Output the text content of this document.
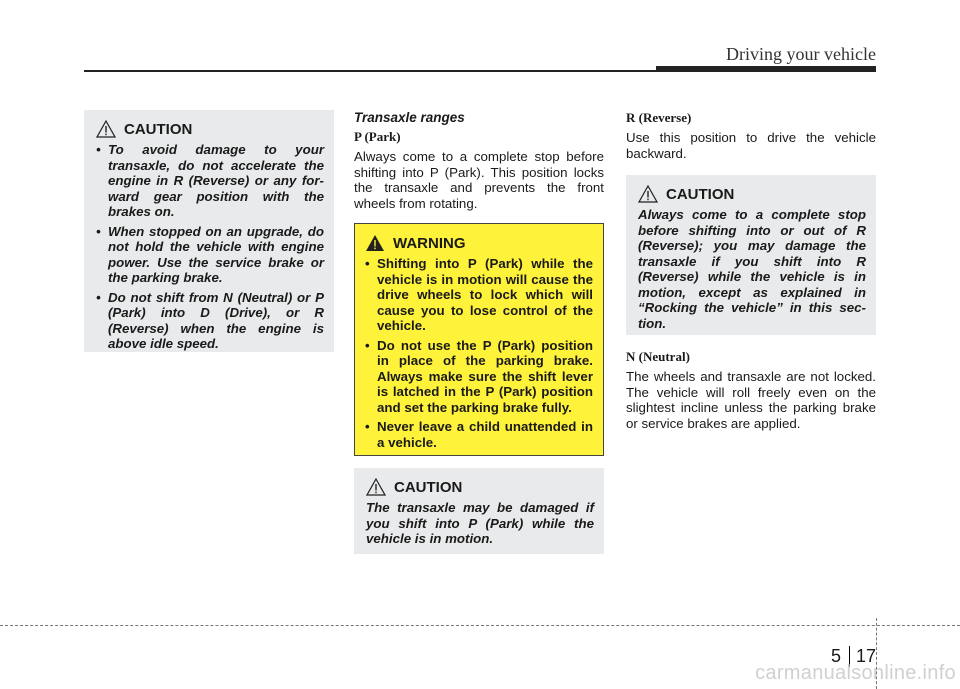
Driving your vehicle
CAUTION
• To avoid damage to your transaxle, do not accelerate the engine in R (Reverse) or any for-ward gear position with the brakes on.
• When stopped on an upgrade, do not hold the vehicle with engine power. Use the service brake or the parking brake.
• Do not shift from N (Neutral) or P (Park) into D (Drive), or R (Reverse) when the engine is above idle speed.
Transaxle ranges
P (Park)

Always come to a complete stop before shifting into P (Park). This position locks the transaxle and prevents the front wheels from rotating.

WARNING
• Shifting into P (Park) while the vehicle is in motion will cause the drive wheels to lock which will cause you to lose control of the vehicle.
• Do not use the P (Park) position in place of the parking brake. Always make sure the shift lever is latched in the P (Park) position and set the parking brake fully.
• Never leave a child unattended in a vehicle.
CAUTION
The transaxle may be damaged if you shift into P (Park) while the vehicle is in motion.
R (Reverse)

Use this position to drive the vehicle backward.

CAUTION
Always come to a complete stop before shifting into or out of R (Reverse); you may damage the transaxle if you shift into R (Reverse) while the vehicle is in motion, except as explained in “Rocking the vehicle” in this sec-tion.
N (Neutral)

The wheels and transaxle are not locked. The vehicle will roll freely even on the slightest incline unless the parking brake or service brakes are applied.

5 17
carmanualsonline.info
